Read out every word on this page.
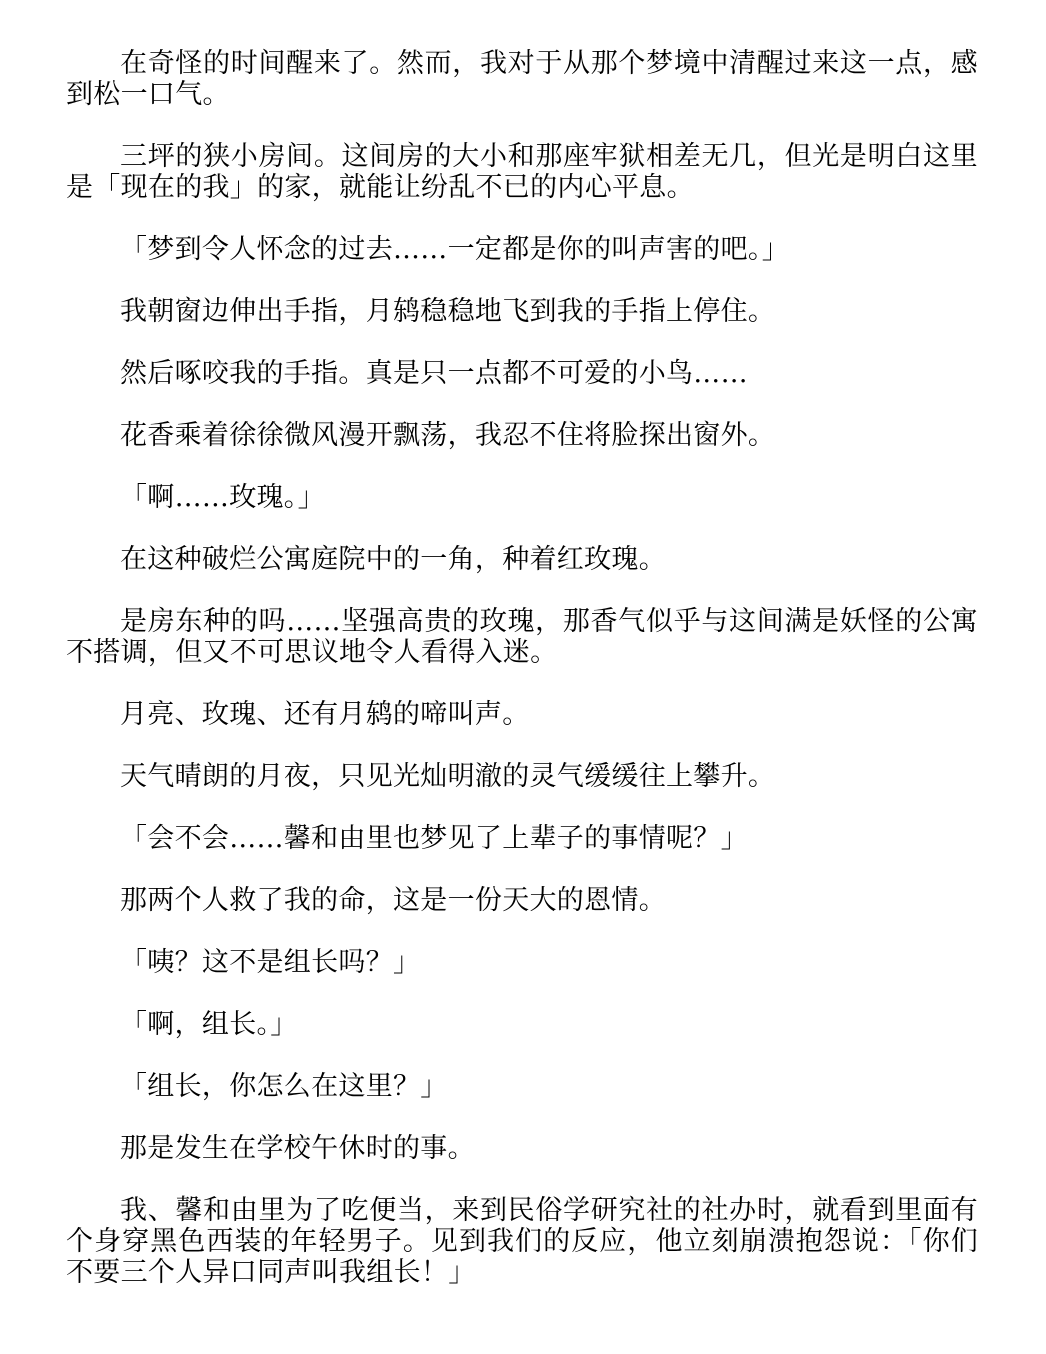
在奇怪的时间醒来了。然而，我对于从那个梦境中清醒过来这一点，感到松一口气。

三坪的狭小房间。这间房的大小和那座牢狱相差无几，但光是明白这里是「现在的我」的家，就能让纷乱不已的内心平息。

「梦到令人怀念的过去……一定都是你的叫声害的吧。」

我朝窗边伸出手指，月鸫稳稳地飞到我的手指上停住。

然后啄咬我的手指。真是只一点都不可爱的小鸟……

花香乘着徐徐微风漫开飘荡，我忍不住将脸探出窗外。

「啊……玫瑰。」

在这种破烂公寓庭院中的一角，种着红玫瑰。

是房东种的吗……坚强高贵的玫瑰，那香气似乎与这间满是妖怪的公寓不搭调，但又不可思议地令人看得入迷。

月亮、玫瑰、还有月鸫的啼叫声。

天气晴朗的月夜，只见光灿明澈的灵气缓缓往上攀升。

「会不会……馨和由里也梦见了上辈子的事情呢？」

那两个人救了我的命，这是一份天大的恩情。

「咦？这不是组长吗？」

「啊，组长。」

「组长，你怎么在这里？」

那是发生在学校午休时的事。

我、馨和由里为了吃便当，来到民俗学研究社的社办时，就看到里面有个身穿黑色西装的年轻男子。见到我们的反应，他立刻崩溃抱怨说：「你们不要三个人异口同声叫我组长！」
